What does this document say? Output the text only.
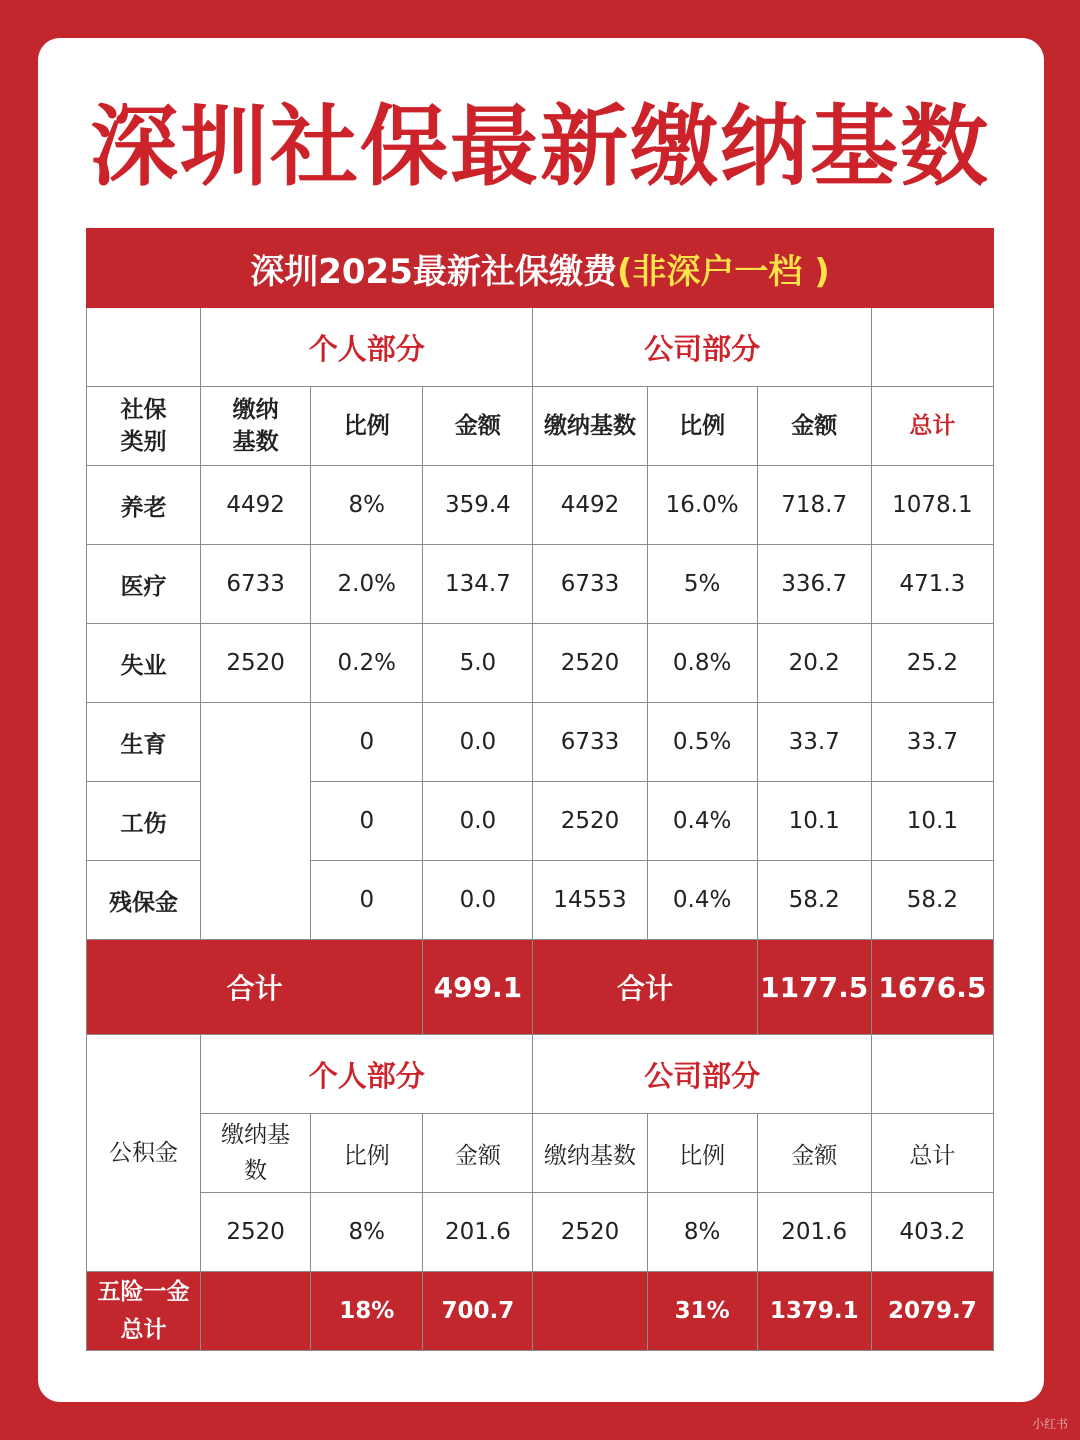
深圳社保最新缴纳基数
深圳2025最新社保缴费(非深户一档 )							
	个人部分			公司部分			

社保类别	缴纳基数	比例	金额	缴纳基数	比例	金额	总计
养老	4492	8%	359.4	4492	16.0%	718.7	1078.1
医疗	6733	2.0%	134.7	6733	5%	336.7	471.3
失业	2520	0.2%	5.0	2520	0.8%	20.2	25.2
生育		0	0.0	6733	0.5%	33.7	33.7
工伤		0	0.0	2520	0.4%	10.1	10.1
残保金		0	0.0	14553	0.4%	58.2	58.2
合计			499.1	合计		1177.5	1676.5
公积金	个人部分			公司部分			

	缴纳基数	比例	金额	缴纳基数	比例	金额	总计
	2520	8%	201.6	2520	8%	201.6	403.2

五险一金总计		18%	700.7		31%	1379.1	2079.7
小红书
